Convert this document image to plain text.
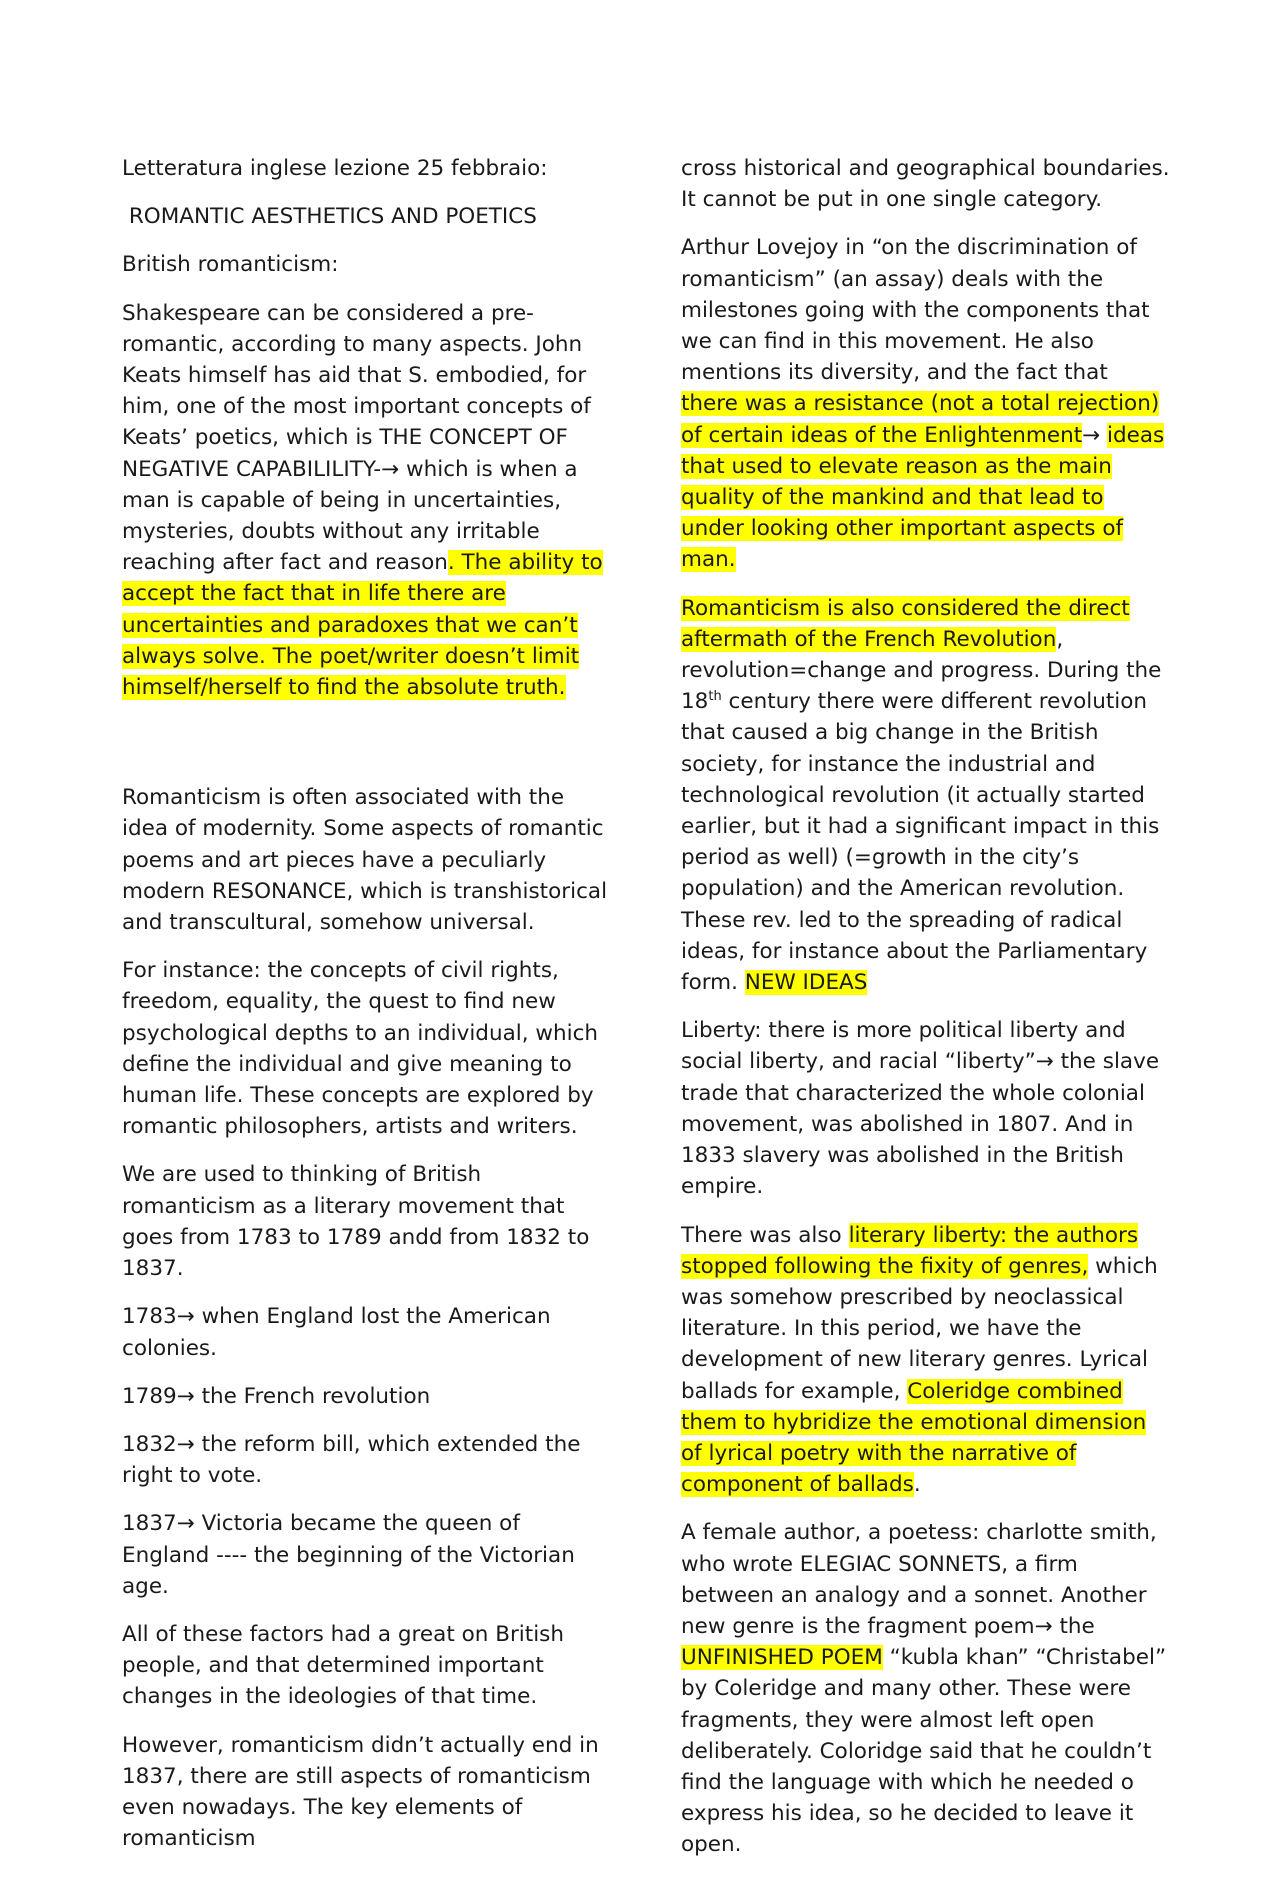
Letteratura inglese lezione 25 febbraio:

ROMANTIC AESTHETICS AND POETICS

British romanticism:

Shakespeare can be considered a pre-romantic, according to many aspects. John Keats himself has aid that S. embodied, for him, one of the most important concepts of Keats’ poetics, which is THE CONCEPT OF NEGATIVE CAPABILILITY-→ which is when a man is capable of being in uncertainties, mysteries, doubts without any irritable reaching after fact and reason. The ability to accept the fact that in life there are uncertainties and paradoxes that we can’t always solve. The poet/writer doesn’t limit himself/herself to find the absolute truth.

Romanticism is often associated with the idea of modernity. Some aspects of romantic poems and art pieces have a peculiarly modern RESONANCE, which is transhistorical and transcultural, somehow universal.

For instance: the concepts of civil rights, freedom, equality, the quest to find new psychological depths to an individual, which define the individual and give meaning to human life. These concepts are explored by romantic philosophers, artists and writers.

We are used to thinking of British romanticism as a literary movement that goes from 1783 to 1789 andd from 1832 to 1837.

1783→ when England lost the American colonies.

1789→ the French revolution

1832→ the reform bill, which extended the right to vote.

1837→ Victoria became the queen of England ---- the beginning of the Victorian age.

All of these factors had a great on British people, and that determined important changes in the ideologies of that time.

However, romanticism didn’t actually end in 1837, there are still aspects of romanticism even nowadays. The key elements of romanticism

cross historical and geographical boundaries. It cannot be put in one single category.

Arthur Lovejoy in “on the discrimination of romanticism” (an assay) deals with the milestones going with the components that we can find in this movement. He also mentions its diversity, and the fact that there was a resistance (not a total rejection) of certain ideas of the Enlightenment→ ideas that used to elevate reason as the main quality of the mankind and that lead to under looking other important aspects of man.

Romanticism is also considered the direct aftermath of the French Revolution, revolution=change and progress. During the 18th century there were different revolution that caused a big change in the British society, for instance the industrial and technological revolution (it actually started earlier, but it had a significant impact in this period as well) (=growth in the city’s population) and the American revolution. These rev. led to the spreading of radical ideas, for instance about the Parliamentary form. NEW IDEAS

Liberty: there is more political liberty and social liberty, and racial “liberty”→ the slave trade that characterized the whole colonial movement, was abolished in 1807. And in 1833 slavery was abolished in the British empire.

There was also literary liberty: the authors stopped following the fixity of genres, which was somehow prescribed by neoclassical literature. In this period, we have the development of new literary genres. Lyrical ballads for example, Coleridge combined them to hybridize the emotional dimension of lyrical poetry with the narrative of component of ballads.

A female author, a poetess: charlotte smith, who wrote ELEGIAC SONNETS, a firm between an analogy and a sonnet. Another new genre is the fragment poem→ the UNFINISHED POEM “kubla khan” “Christabel” by Coleridge and many other. These were fragments, they were almost left open deliberately. Coloridge said that he couldn’t find the language with which he needed o express his idea, so he decided to leave it open.
